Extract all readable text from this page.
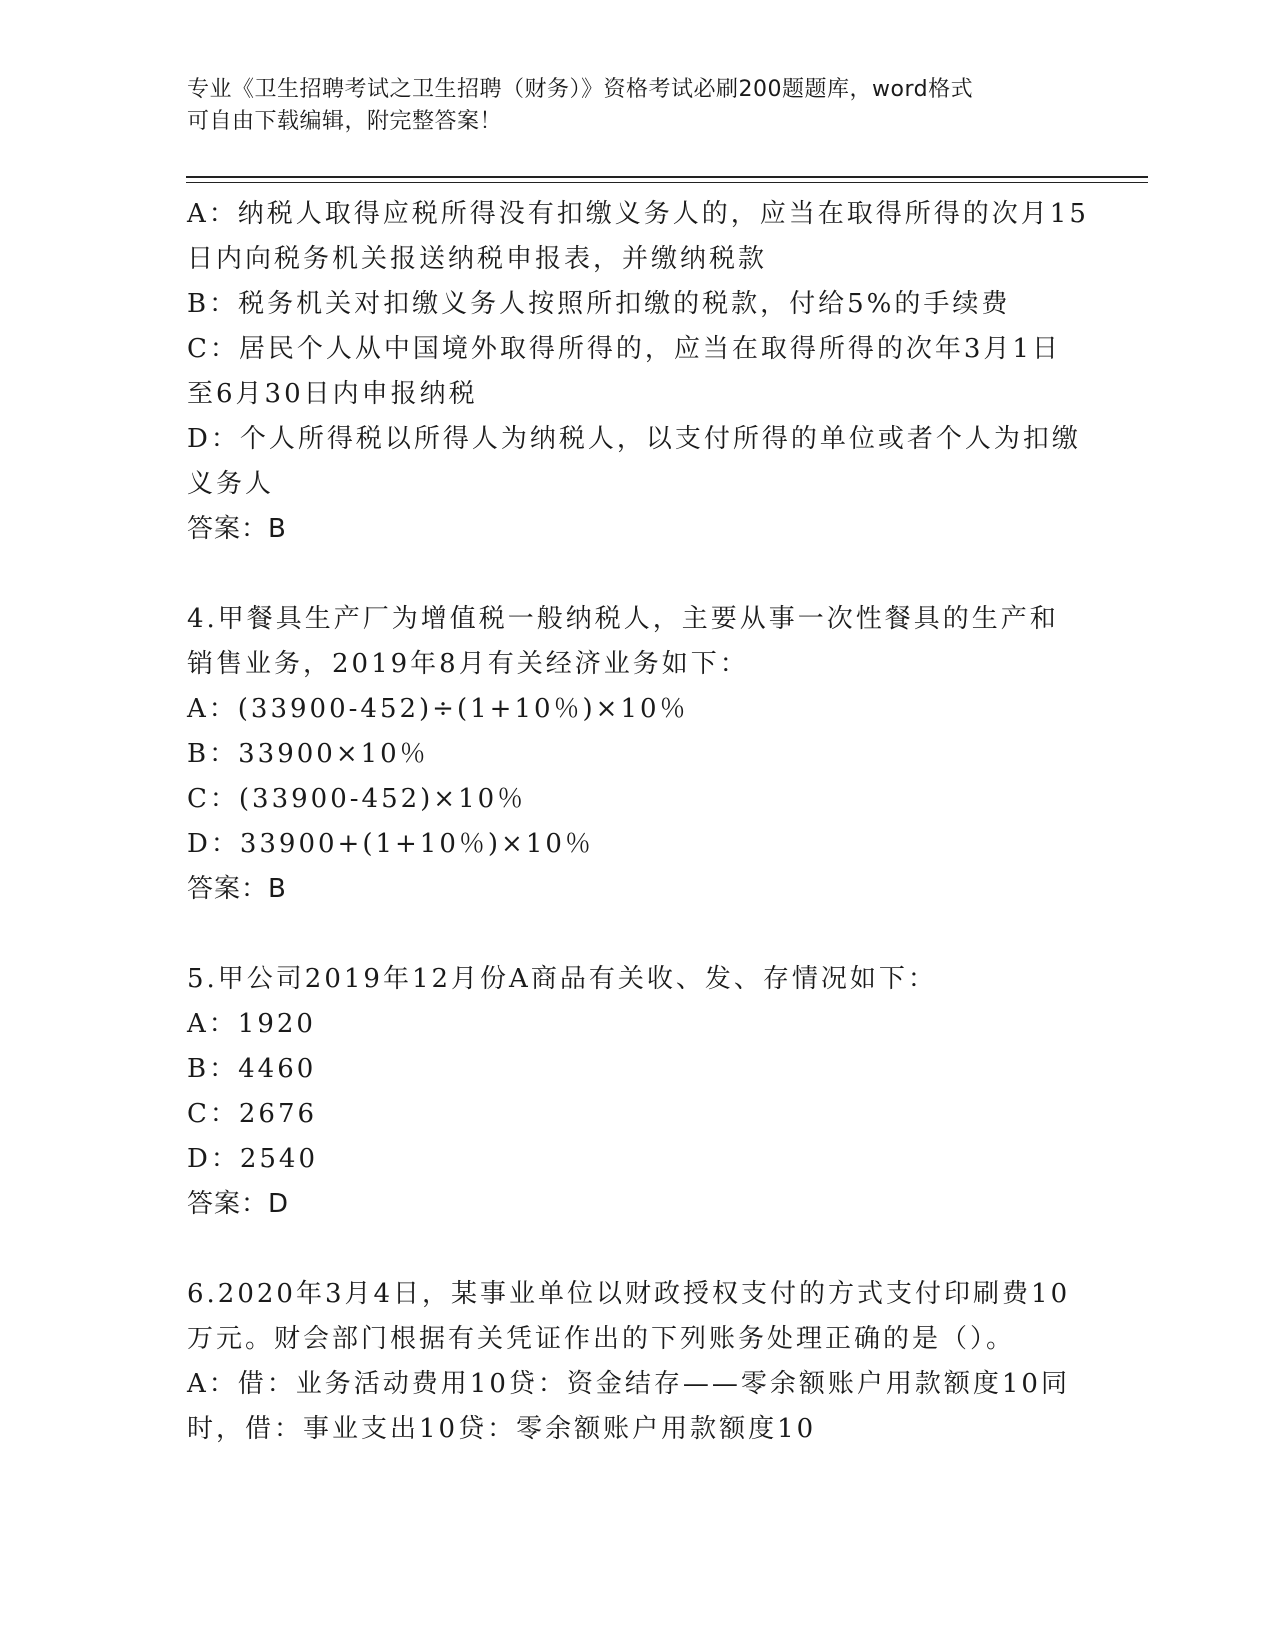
专业《卫生招聘考试之卫生招聘（财务）》资格考试必刷200题题库，word格式
可自由下载编辑，附完整答案！
A：纳税人取得应税所得没有扣缴义务人的，应当在取得所得的次月15
日内向税务机关报送纳税申报表，并缴纳税款
B：税务机关对扣缴义务人按照所扣缴的税款，付给5%的手续费
C：居民个人从中国境外取得所得的，应当在取得所得的次年3月1日
至6月30日内申报纳税
D：个人所得税以所得人为纳税人，以支付所得的单位或者个人为扣缴
义务人
答案：B
4.甲餐具生产厂为增值税一般纳税人，主要从事一次性餐具的生产和
销售业务，2019年8月有关经济业务如下：
A：(33900-452)÷(1+10％)×10％
B：33900×10％
C：(33900-452)×10％
D：33900+(1+10％)×10％
答案：B
5.甲公司2019年12月份A商品有关收、发、存情况如下：
A：1920
B：4460
C：2676
D：2540
答案：D
6.2020年3月4日，某事业单位以财政授权支付的方式支付印刷费10
万元。财会部门根据有关凭证作出的下列账务处理正确的是（）。
A：借：业务活动费用10贷：资金结存——零余额账户用款额度10同
时，借：事业支出10贷：零余额账户用款额度10
